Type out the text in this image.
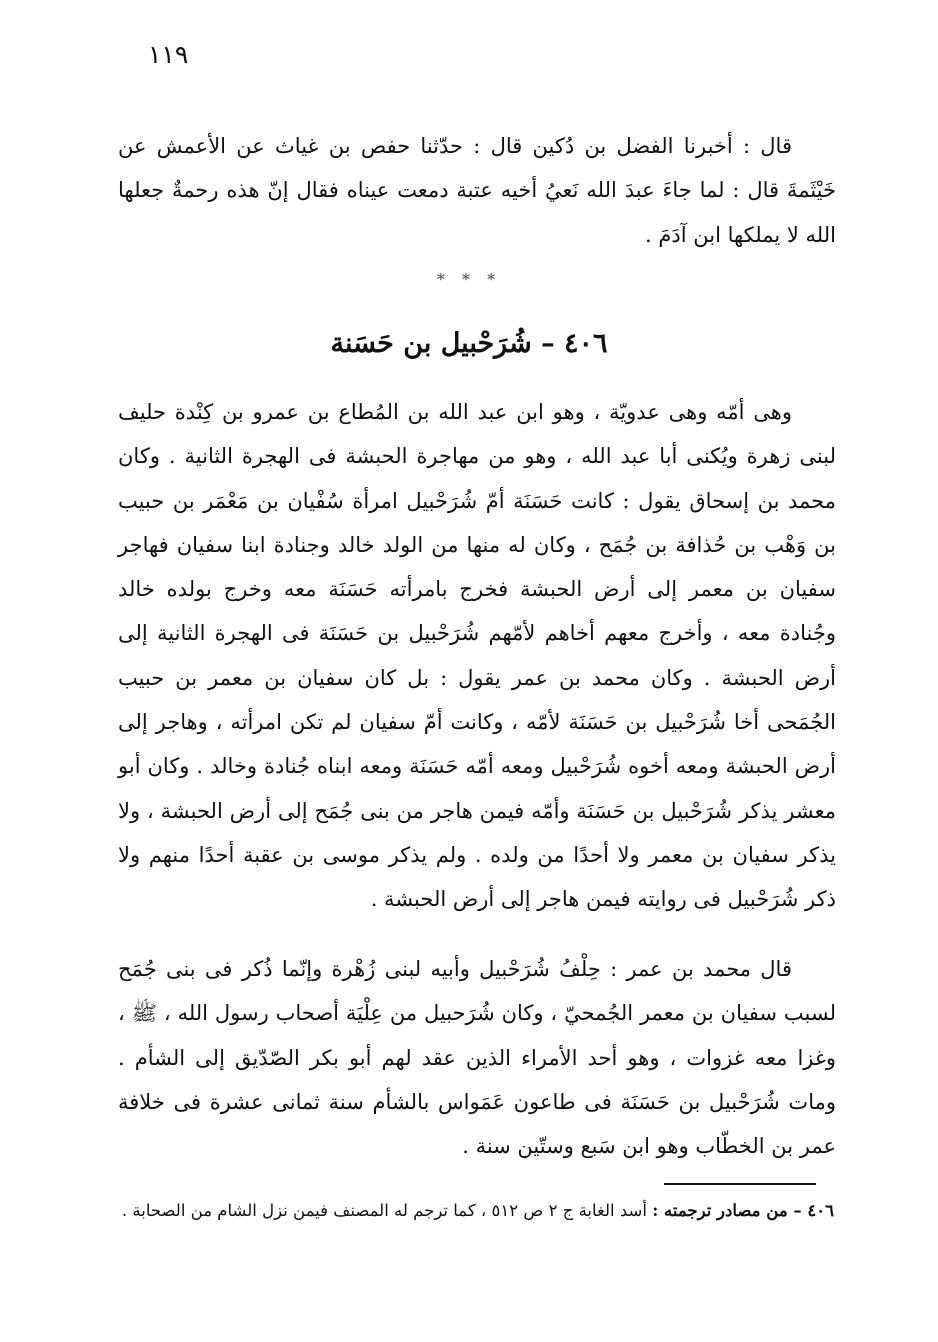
١١٩

قال : أخبرنا الفضل بن دُكين قال : حدّثنا حفص بن غياث عن الأعمش عن خَيْثَمةَ قال : لما جاءَ عبدَ الله نَعيُ أخيه عتبة دمعت عيناه فقال إنّ هذه رحمةٌ جعلها الله لا يملكها ابن آدَمَ .

* * *
٤٠٦ – شُرَحْبيل بن حَسَنة

وهى أمّه وهى عدويّة ، وهو ابن عبد الله بن المُطاع بن عمرو بن كِنْدة حليف لبنى زهرة ويُكنى أبا عبد الله ، وهو من مهاجرة الحبشة فى الهجرة الثانية . وكان محمد بن إسحاق يقول : كانت حَسَنَة أمّ شُرَحْبيل امرأة سُفْيان بن مَعْمَر بن حبيب بن وَهْب بن حُذافة بن جُمَح ، وكان له منها من الولد خالد وجنادة ابنا سفيان فهاجر سفيان بن معمر إلى أرض الحبشة فخرج بامرأته حَسَنَة معه وخرج بولده خالد وجُنادة معه ، وأخرج معهم أخاهم لأمّهم شُرَحْبيل بن حَسَنَة فى الهجرة الثانية إلى أرض الحبشة . وكان محمد بن عمر يقول : بل كان سفيان بن معمر بن حبيب الجُمَحى أخا شُرَحْبيل بن حَسَنَة لأمّه ، وكانت أمّ سفيان لم تكن امرأته ، وهاجر إلى أرض الحبشة ومعه أخوه شُرَحْبيل ومعه أمّه حَسَنَة ومعه ابناه جُنادة وخالد . وكان أبو معشر يذكر شُرَحْبيل بن حَسَنَة وأمّه فيمن هاجر من بنى جُمَح إلى أرض الحبشة ، ولا يذكر سفيان بن معمر ولا أحدًا من ولده . ولم يذكر موسى بن عقبة أحدًا منهم ولا ذكر شُرَحْبيل فى روايته فيمن هاجر إلى أرض الحبشة .

قال محمد بن عمر : حِلْفُ شُرَحْبيل وأبيه لبنى زُهْرة وإنّما ذُكر فى بنى جُمَح لسبب سفيان بن معمر الجُمحيّ ، وكان شُرَحبيل من عِلْيَة أصحاب رسول الله ، ﷺ ، وغزا معه غزوات ، وهو أحد الأمراء الذين عقد لهم أبو بكر الصّدّيق إلى الشأم . ومات شُرَحْبيل بن حَسَنَة فى طاعون عَمَواس بالشأم سنة ثمانى عشرة فى خلافة عمر بن الخطّاب وهو ابن سَبع وستّين سنة .

٤٠٦ – من مصادر ترجمته : أسد الغابة ج ٢ ص ٥١٢ ، كما ترجم له المصنف فيمن نزل الشام من الصحابة .
